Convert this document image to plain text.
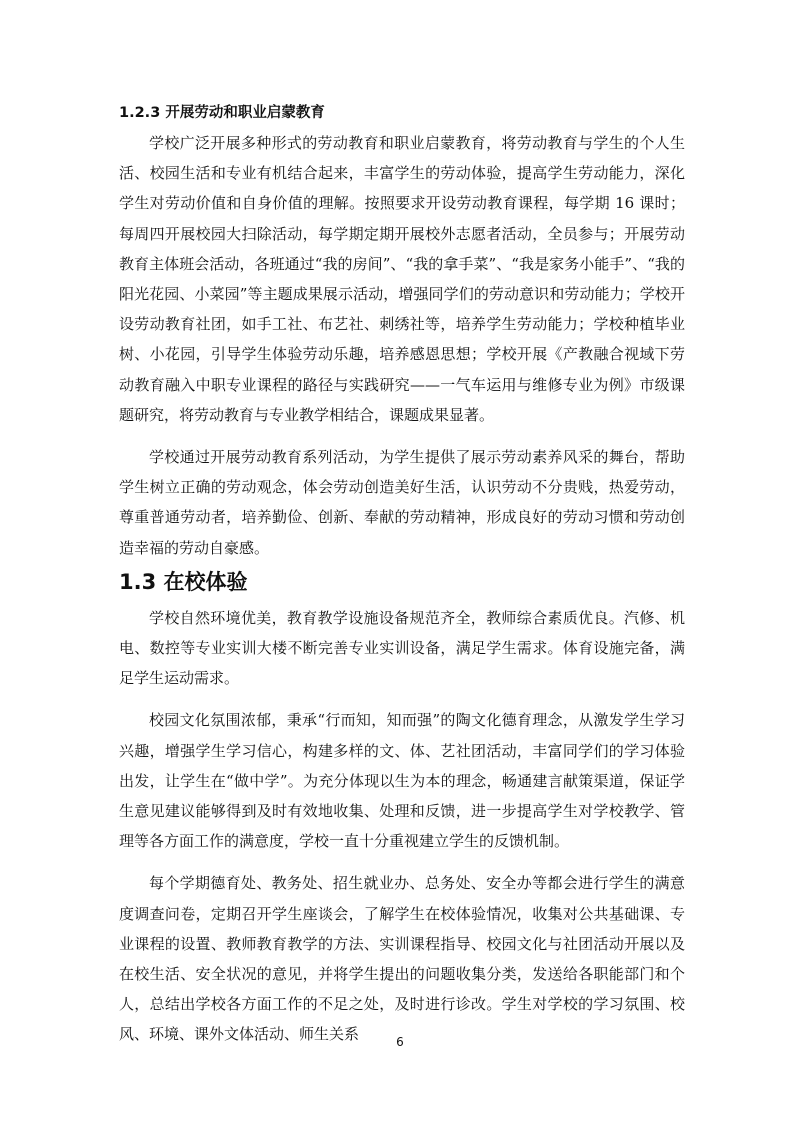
1.2.3 开展劳动和职业启蒙教育

学校广泛开展多种形式的劳动教育和职业启蒙教育，将劳动教育与学生的个人生活、校园生活和专业有机结合起来，丰富学生的劳动体验，提高学生劳动能力，深化学生对劳动价值和自身价值的理解。按照要求开设劳动教育课程，每学期 16 课时；每周四开展校园大扫除活动，每学期定期开展校外志愿者活动，全员参与；开展劳动教育主体班会活动，各班通过“我的房间”、“我的拿手菜”、“我是家务小能手”、“我的阳光花园、小菜园”等主题成果展示活动，增强同学们的劳动意识和劳动能力；学校开设劳动教育社团，如手工社、布艺社、刺绣社等，培养学生劳动能力；学校种植毕业树、小花园，引导学生体验劳动乐趣，培养感恩思想；学校开展《产教融合视域下劳动教育融入中职专业课程的路径与实践研究——一气车运用与维修专业为例》市级课题研究，将劳动教育与专业教学相结合，课题成果显著。

学校通过开展劳动教育系列活动，为学生提供了展示劳动素养风采的舞台，帮助学生树立正确的劳动观念，体会劳动创造美好生活，认识劳动不分贵贱，热爱劳动，尊重普通劳动者，培养勤俭、创新、奉献的劳动精神，形成良好的劳动习惯和劳动创造幸福的劳动自豪感。

1.3 在校体验

学校自然环境优美，教育教学设施设备规范齐全，教师综合素质优良。汽修、机电、数控等专业实训大楼不断完善专业实训设备，满足学生需求。体育设施完备，满足学生运动需求。

校园文化氛围浓郁，秉承“行而知，知而强”的陶文化德育理念，从激发学生学习兴趣，增强学生学习信心，构建多样的文、体、艺社团活动，丰富同学们的学习体验出发，让学生在“做中学”。为充分体现以生为本的理念，畅通建言献策渠道，保证学生意见建议能够得到及时有效地收集、处理和反馈，进一步提高学生对学校教学、管理等各方面工作的满意度，学校一直十分重视建立学生的反馈机制。

每个学期德育处、教务处、招生就业办、总务处、安全办等都会进行学生的满意度调查问卷，定期召开学生座谈会，了解学生在校体验情况，收集对公共基础课、专业课程的设置、教师教育教学的方法、实训课程指导、校园文化与社团活动开展以及在校生活、安全状况的意见，并将学生提出的问题收集分类，发送给各职能部门和个人，总结出学校各方面工作的不足之处，及时进行诊改。学生对学校的学习氛围、校风、环境、课外文体活动、师生关系	6
